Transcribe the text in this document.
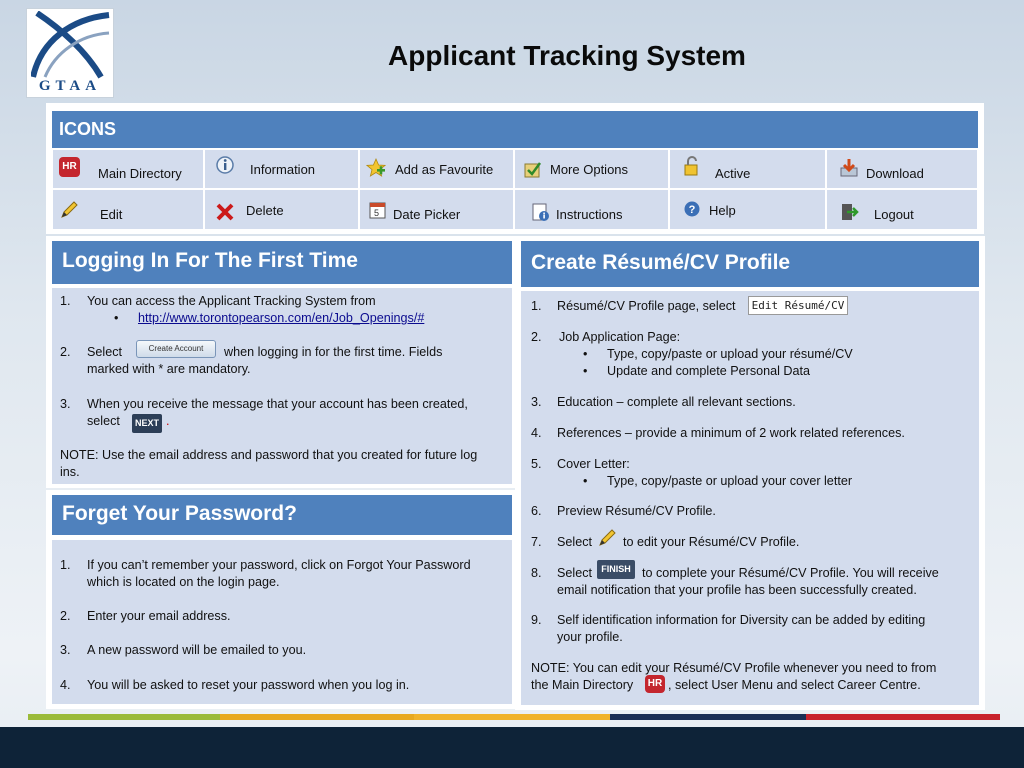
GTAA
Applicant Tracking System
ICONS
HR Main Directory	Information	Add as Favourite	More Options	Active	Download
Edit	Delete	5 Date Picker	Instructions	? Help	Logout
Logging In For The First Time
1. You can access the Applicant Tracking System from
• http://www.torontopearson.com/en/Job_Openings/#
2. Select	Create Account	when logging in for the first time. Fields
marked with * are mandatory.
3. When you receive the message that your account has been created,
select	NEXT .
NOTE: Use the email address and password that you created for future log
ins.
Forget Your Password?
1. If you can’t remember your password, click on Forgot Your Password
which is located on the login page.
2. Enter your email address.
3. A new password will be emailed to you.
4. You will be asked to reset your password when you log in.
Create Résumé/CV Profile
1. Résumé/CV Profile page, select	Edit Résumé/CV
2. Job Application Page:
• Type, copy/paste or upload your résumé/CV
• Update and complete Personal Data
3. Education – complete all relevant sections.
4. References – provide a minimum of 2 work related references.
5. Cover Letter:
• Type, copy/paste or upload your cover letter
6. Preview Résumé/CV Profile.
7. Select to edit your Résumé/CV Profile.
8. Select	FINISH to complete your Résumé/CV Profile. You will receive
email notification that your profile has been successfully created.
9. Self identification information for Diversity can be added by editing
your profile.
NOTE: You can edit your Résumé/CV Profile whenever you need to from
the Main Directory HR , select User Menu and select Career Centre.
